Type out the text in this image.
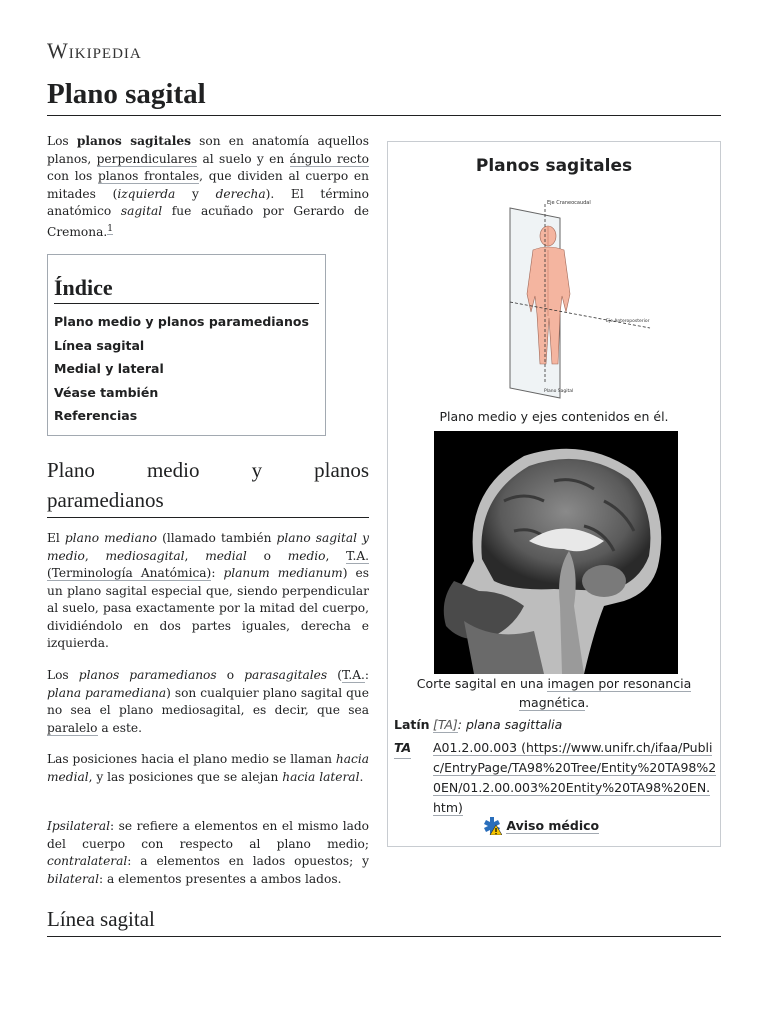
Wikipedia
Plano sagital
Los planos sagitales son en anatomía aquellos planos, perpendiculares al suelo y en ángulo recto con los planos frontales, que dividen al cuerpo en mitades (izquierda y derecha). El término anatómico sagital fue acuñado por Gerardo de Cremona.$^1$
Índice
Plano medio y planos paramedianos
Línea sagital
Medial y lateral
Véase también
Referencias
Plano medio y planos
paramedianos
El plano mediano (llamado también plano sagital y medio, mediosagital, medial o medio, T.A. (Terminología Anatómica): planum medianum) es un plano sagital especial que, siendo perpendicular al suelo, pasa exactamente por la mitad del cuerpo, dividiéndolo en dos partes iguales, derecha e izquierda.
Los planos paramedianos o parasagitales (T.A.: plana paramediana) son cualquier plano sagital que no sea el plano mediosagital, es decir, que sea paralelo a este.
Las posiciones hacia el plano medio se llaman hacia medial, y las posiciones que se alejan hacia lateral.
Ipsilateral: se refiere a elementos en el mismo lado del cuerpo con respecto al plano medio; contralateral: a elementos en lados opuestos; y bilateral: a elementos presentes a ambos lados.
Línea sagital
Planos sagitales
Eje Craneocaudal
Eje Anteroposterior
Plano Sagital
Plano medio y ejes contenidos en él.
Corte sagital en una imagen por resonancia magnética.
Latín [TA]: plana sagittalia
TA A01.2.00.003 (https://www.unifr.ch/ifaa/Public/EntryPage/TA98%20Tree/Entity%20TA98%20EN/01.2.00.003%20Entity%20TA98%20EN.htm)
Aviso médico
